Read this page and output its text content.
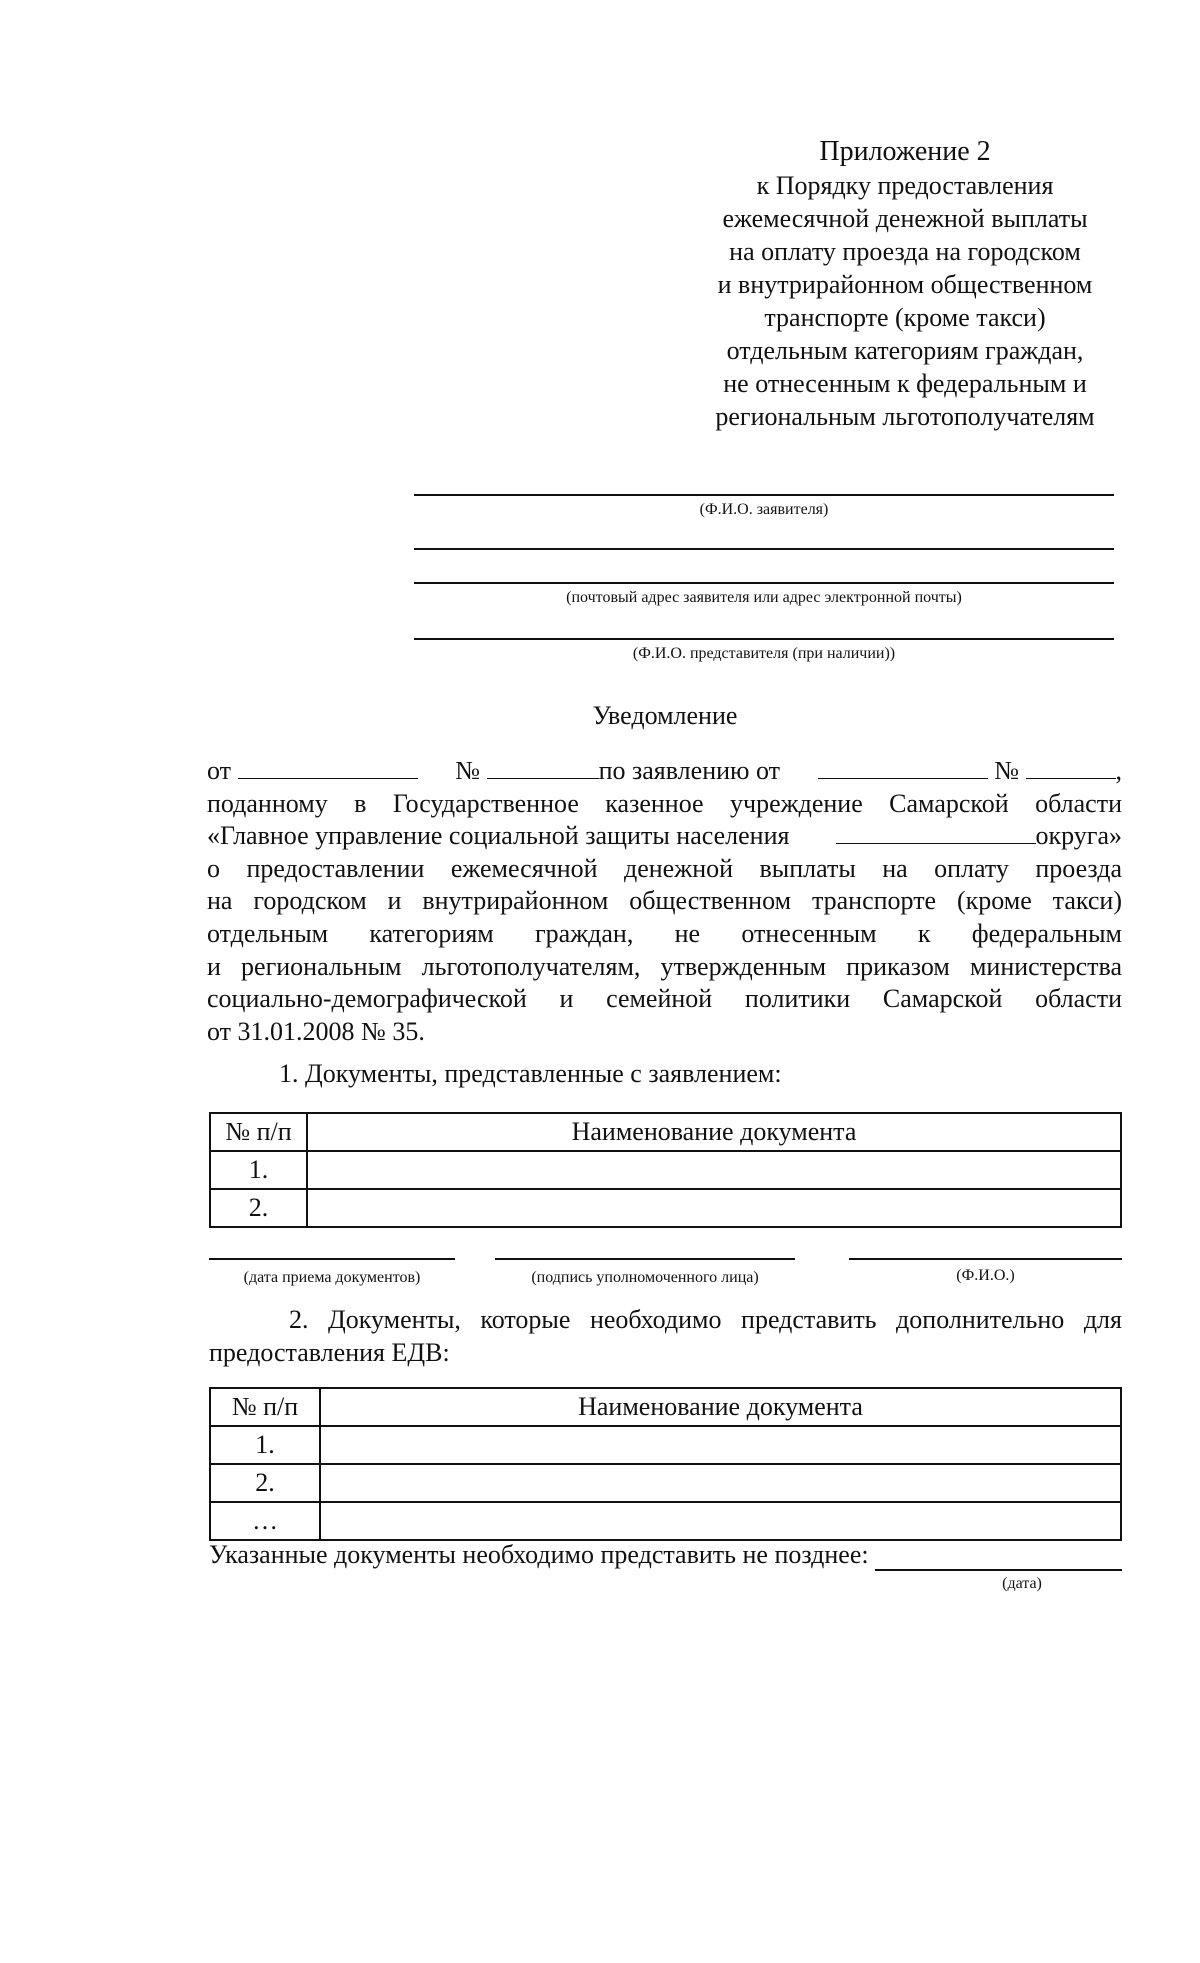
Приложение 2
к Порядку предоставления
ежемесячной денежной выплаты
на оплату проезда на городском
и внутрирайонном общественном
транспорте (кроме такси)
отдельным категориям граждан,
не отнесенным к федеральным и
региональным льготополучателям
(Ф.И.О. заявителя)
(почтовый адрес заявителя или адрес электронной почты)
(Ф.И.О. представителя (при наличии))
Уведомление
от	№	по заявлению от	№	,
поданному в Государственное казенное учреждение Самарской области
«Главное управление социальной защиты населения	округа»
о предоставлении ежемесячной денежной выплаты на оплату проезда
на городском и внутрирайонном общественном транспорте (кроме такси)
отдельным категориям граждан, не отнесенным к федеральным
и региональным льготополучателям, утвержденным приказом министерства
социально-демографической и семейной политики Самарской области
от 31.01.2008 № 35.
1. Документы, представленные с заявлением:
№ п/п	Наименование документа
1.	
2.	
(дата приема документов)	(подпись уполномоченного лица)	(Ф.И.О.)
2. Документы, которые необходимо представить дополнительно для
предоставления ЕДВ:
№ п/п	Наименование документа
1.	
2.	
…	
Указанные документы необходимо представить не позднее:
(дата)
